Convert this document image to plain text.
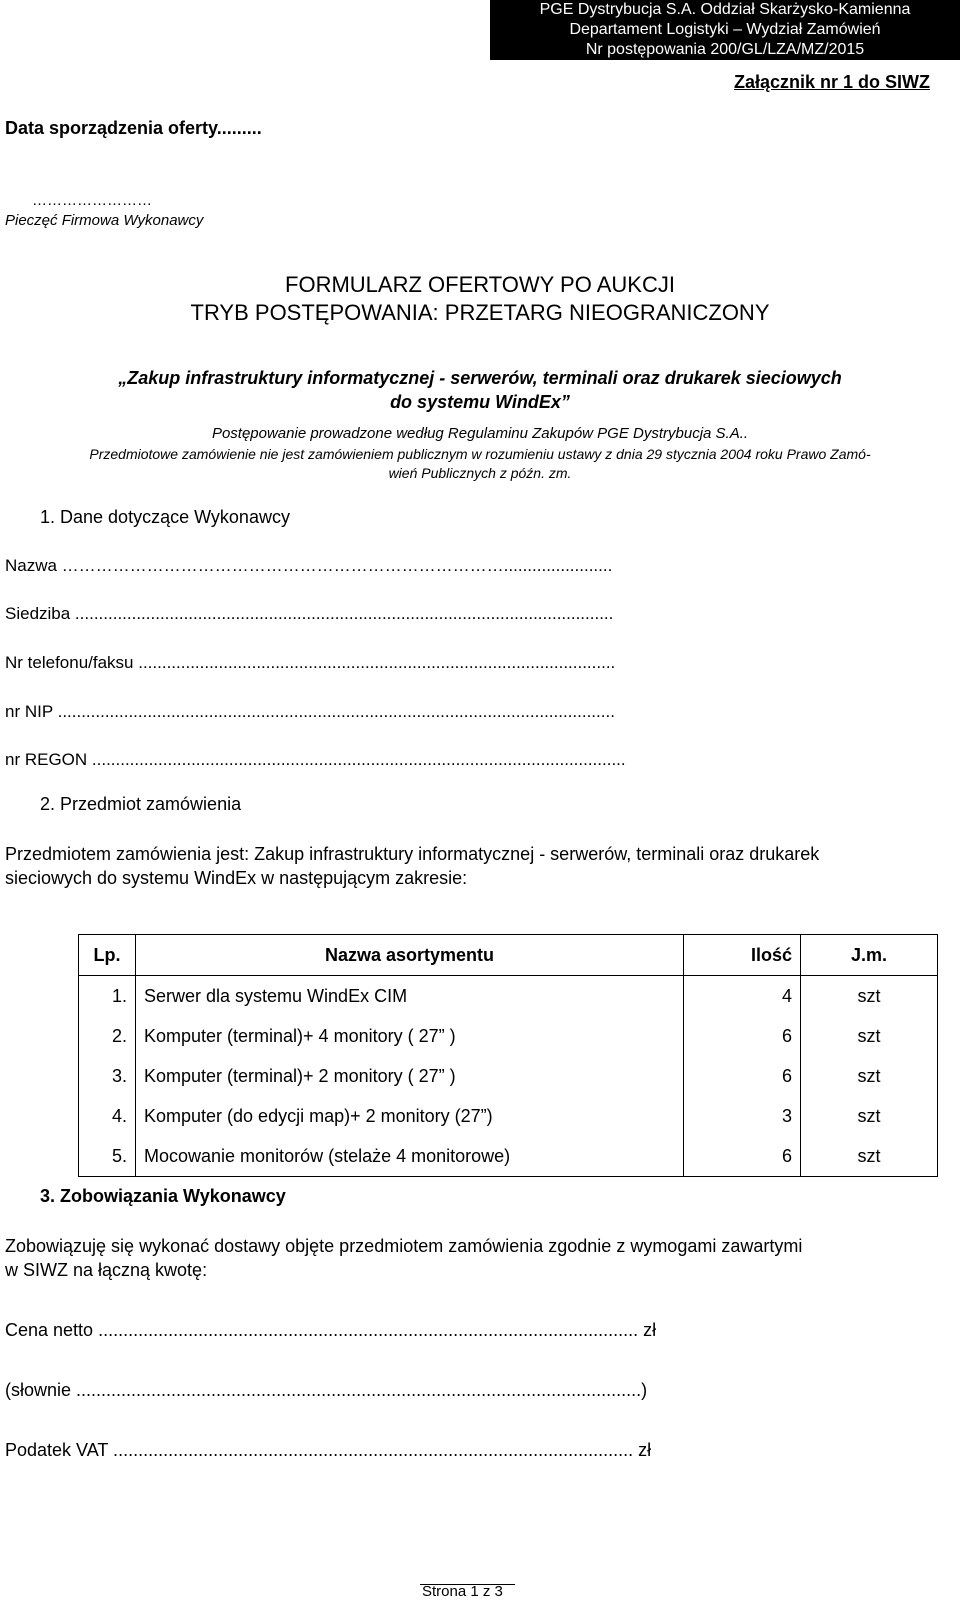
PGE Dystrybucja S.A. Oddział Skarżysko-Kamienna
Departament Logistyki – Wydział Zamówień
Nr postępowania 200/GL/LZA/MZ/2015
Załącznik nr 1 do SIWZ
Data sporządzenia oferty.........
……………………
Pieczęć Firmowa Wykonawcy
FORMULARZ OFERTOWY PO AUKCJI
TRYB POSTĘPOWANIA: PRZETARG NIEOGRANICZONY
„Zakup infrastruktury informatycznej - serwerów, terminali oraz drukarek sieciowych
do systemu WindEx”
Postępowanie prowadzone według Regulaminu Zakupów PGE Dystrybucja S.A..
Przedmiotowe zamówienie nie jest zamówieniem publicznym w rozumieniu ustawy z dnia 29 stycznia 2004 roku Prawo Zamó-
wień Publicznych z późn. zm.
1. Dane dotyczące Wykonawcy
Nazwa …………………………………………………………………….......................
Siedziba ..................................................................................................................
Nr telefonu/faksu .....................................................................................................
nr NIP ......................................................................................................................
nr REGON .................................................................................................................
2. Przedmiot zamówienia
Przedmiotem zamówienia jest: Zakup infrastruktury informatycznej - serwerów, terminali oraz drukarek
sieciowych do systemu WindEx w następującym zakresie:
Lp.	Nazwa asortymentu	Ilość	J.m.
1.	Serwer dla systemu WindEx CIM	4	szt
2.	Komputer (terminal)+ 4 monitory ( 27” )	6	szt
3.	Komputer (terminal)+ 2 monitory ( 27” )	6	szt
4.	Komputer (do edycji map)+ 2 monitory (27”)	3	szt
5.	Mocowanie monitorów (stelaże 4 monitorowe)	6	szt
3. Zobowiązania Wykonawcy
Zobowiązuję się wykonać dostawy objęte przedmiotem zamówienia zgodnie z wymogami zawartymi
w SIWZ na łączną kwotę:
Cena netto ............................................................................................................ zł
(słownie .................................................................................................................)
Podatek VAT ........................................................................................................ zł
Strona 1 z 3
